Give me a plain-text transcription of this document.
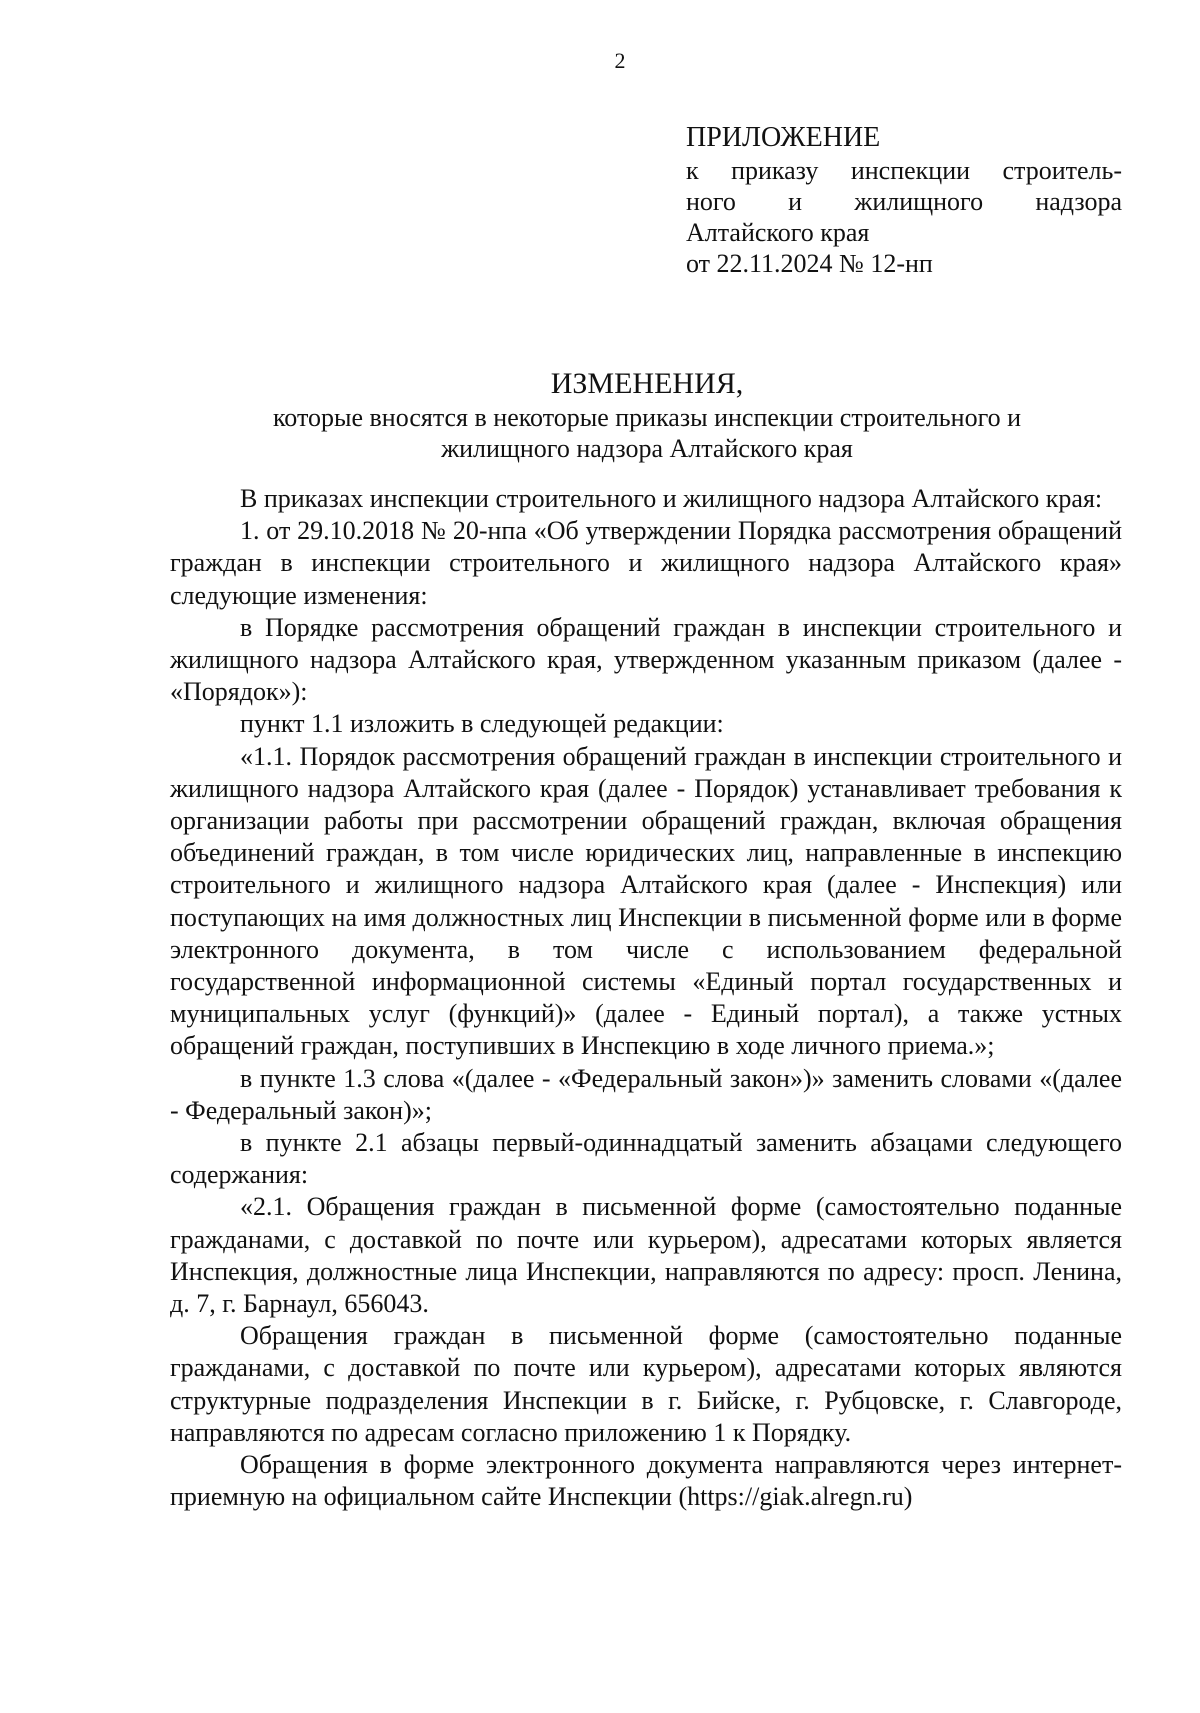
2
ПРИЛОЖЕНИЕ
к приказу инспекции строитель-
ного и жилищного надзора
Алтайского края
от 22.11.2024 № 12-нп
ИЗМЕНЕНИЯ,
которые вносятся в некоторые приказы инспекции строительного и жилищного надзора Алтайского края

В приказах инспекции строительного и жилищного надзора Алтайского края:

1. от 29.10.2018 № 20-нпа «Об утверждении Порядка рассмотрения обращений граждан в инспекции строительного и жилищного надзора Алтайского края» следующие изменения:

в Порядке рассмотрения обращений граждан в инспекции строительного и жилищного надзора Алтайского края, утвержденном указанным приказом (далее - «Порядок»):

пункт 1.1 изложить в следующей редакции:

«1.1. Порядок рассмотрения обращений граждан в инспекции строительного и жилищного надзора Алтайского края (далее - Порядок) устанавливает требования к организации работы при рассмотрении обращений граждан, включая обращения объединений граждан, в том числе юридических лиц, направленные в инспекцию строительного и жилищного надзора Алтайского края (далее - Инспекция) или поступающих на имя должностных лиц Инспекции в письменной форме или в форме электронного документа, в том числе с использованием федеральной государственной информационной системы «Единый портал государственных и муниципальных услуг (функций)» (далее - Единый портал), а также устных обращений граждан, поступивших в Инспекцию в ходе личного приема.»;

в пункте 1.3 слова «(далее - «Федеральный закон»)» заменить словами «(далее - Федеральный закон)»;

в пункте 2.1 абзацы первый-одиннадцатый заменить абзацами следующего содержания:

«2.1. Обращения граждан в письменной форме (самостоятельно поданные гражданами, с доставкой по почте или курьером), адресатами которых является Инспекция, должностные лица Инспекции, направляются по адресу: просп. Ленина, д. 7, г. Барнаул, 656043.

Обращения граждан в письменной форме (самостоятельно поданные гражданами, с доставкой по почте или курьером), адресатами которых являются структурные подразделения Инспекции в г. Бийске, г. Рубцовске, г. Славгороде, направляются по адресам согласно приложению 1 к Порядку.

Обращения в форме электронного документа направляются через интернет-приемную на официальном сайте Инспекции (https://giak.alregn.ru)
